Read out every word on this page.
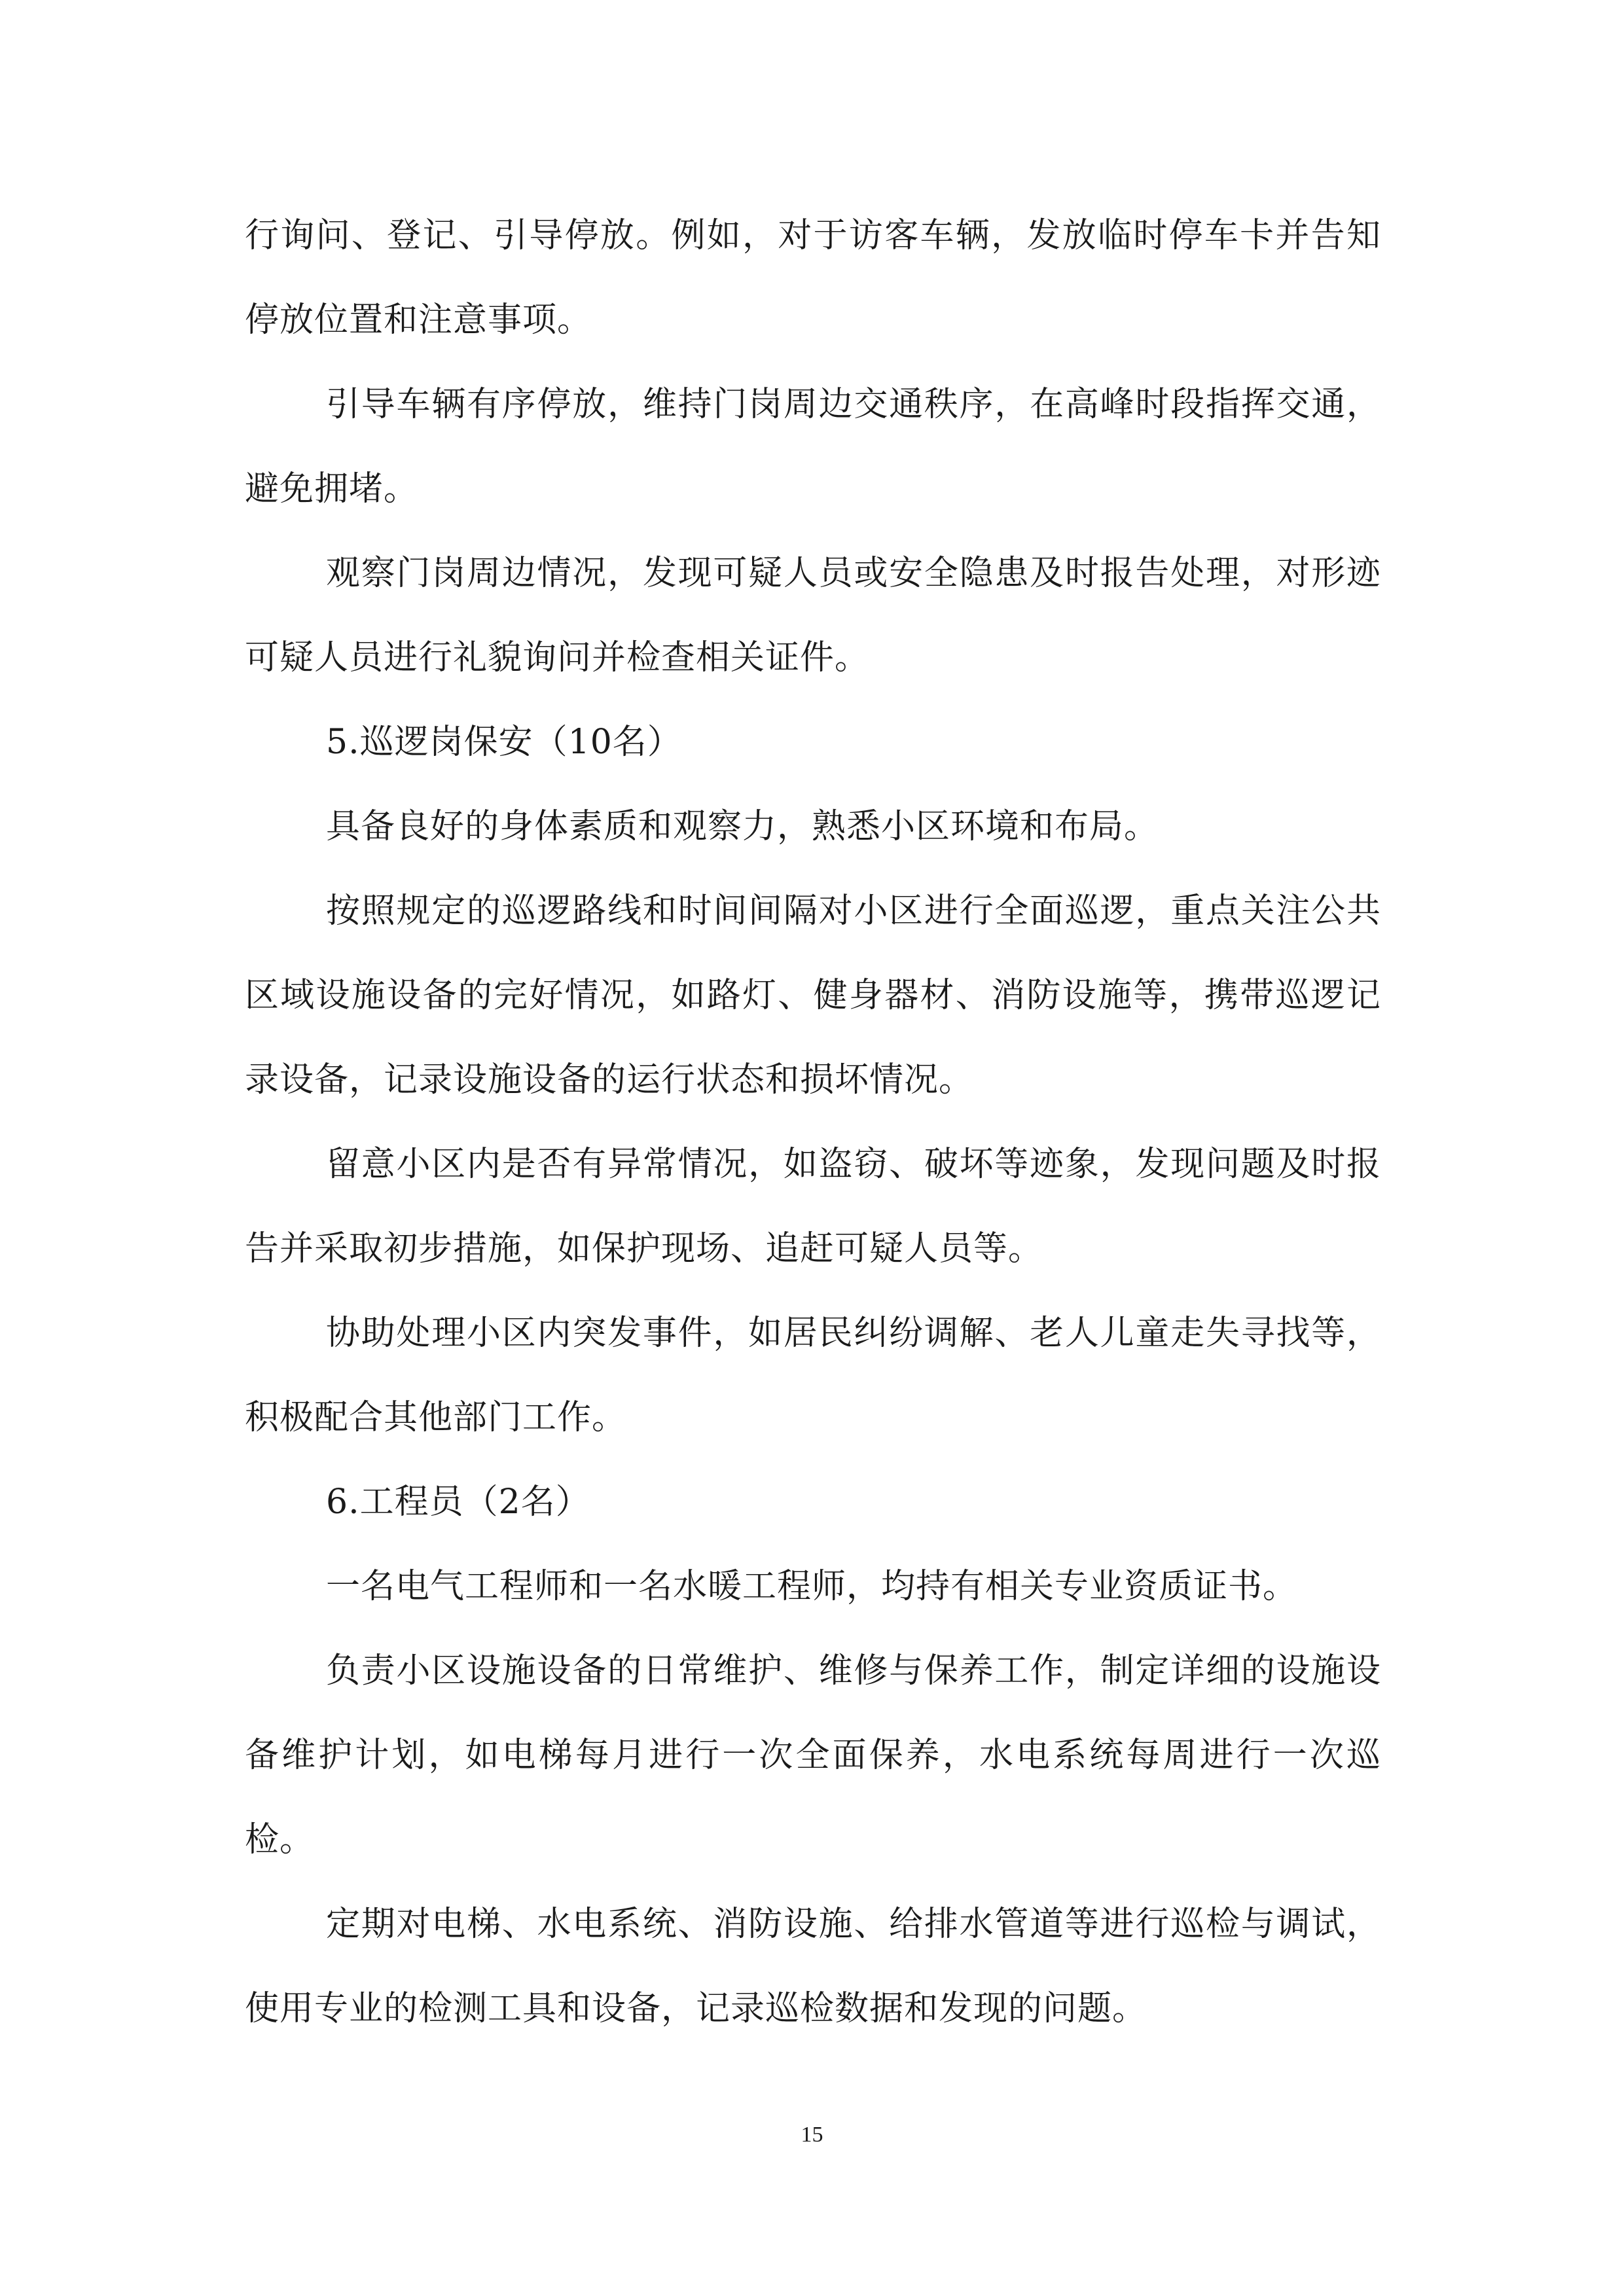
行询问、登记、引导停放。例如，对于访客车辆，发放临时停车卡并告知停放位置和注意事项。

引导车辆有序停放，维持门岗周边交通秩序，在高峰时段指挥交通，避免拥堵。

观察门岗周边情况，发现可疑人员或安全隐患及时报告处理，对形迹可疑人员进行礼貌询问并检查相关证件。

5.巡逻岗保安（10名）

具备良好的身体素质和观察力，熟悉小区环境和布局。

按照规定的巡逻路线和时间间隔对小区进行全面巡逻，重点关注公共区域设施设备的完好情况，如路灯、健身器材、消防设施等，携带巡逻记录设备，记录设施设备的运行状态和损坏情况。

留意小区内是否有异常情况，如盗窃、破坏等迹象，发现问题及时报告并采取初步措施，如保护现场、追赶可疑人员等。

协助处理小区内突发事件，如居民纠纷调解、老人儿童走失寻找等，积极配合其他部门工作。

6.工程员（2名）

一名电气工程师和一名水暖工程师，均持有相关专业资质证书。

负责小区设施设备的日常维护、维修与保养工作，制定详细的设施设备维护计划，如电梯每月进行一次全面保养，水电系统每周进行一次巡检。

定期对电梯、水电系统、消防设施、给排水管道等进行巡检与调试，使用专业的检测工具和设备，记录巡检数据和发现的问题。

15
